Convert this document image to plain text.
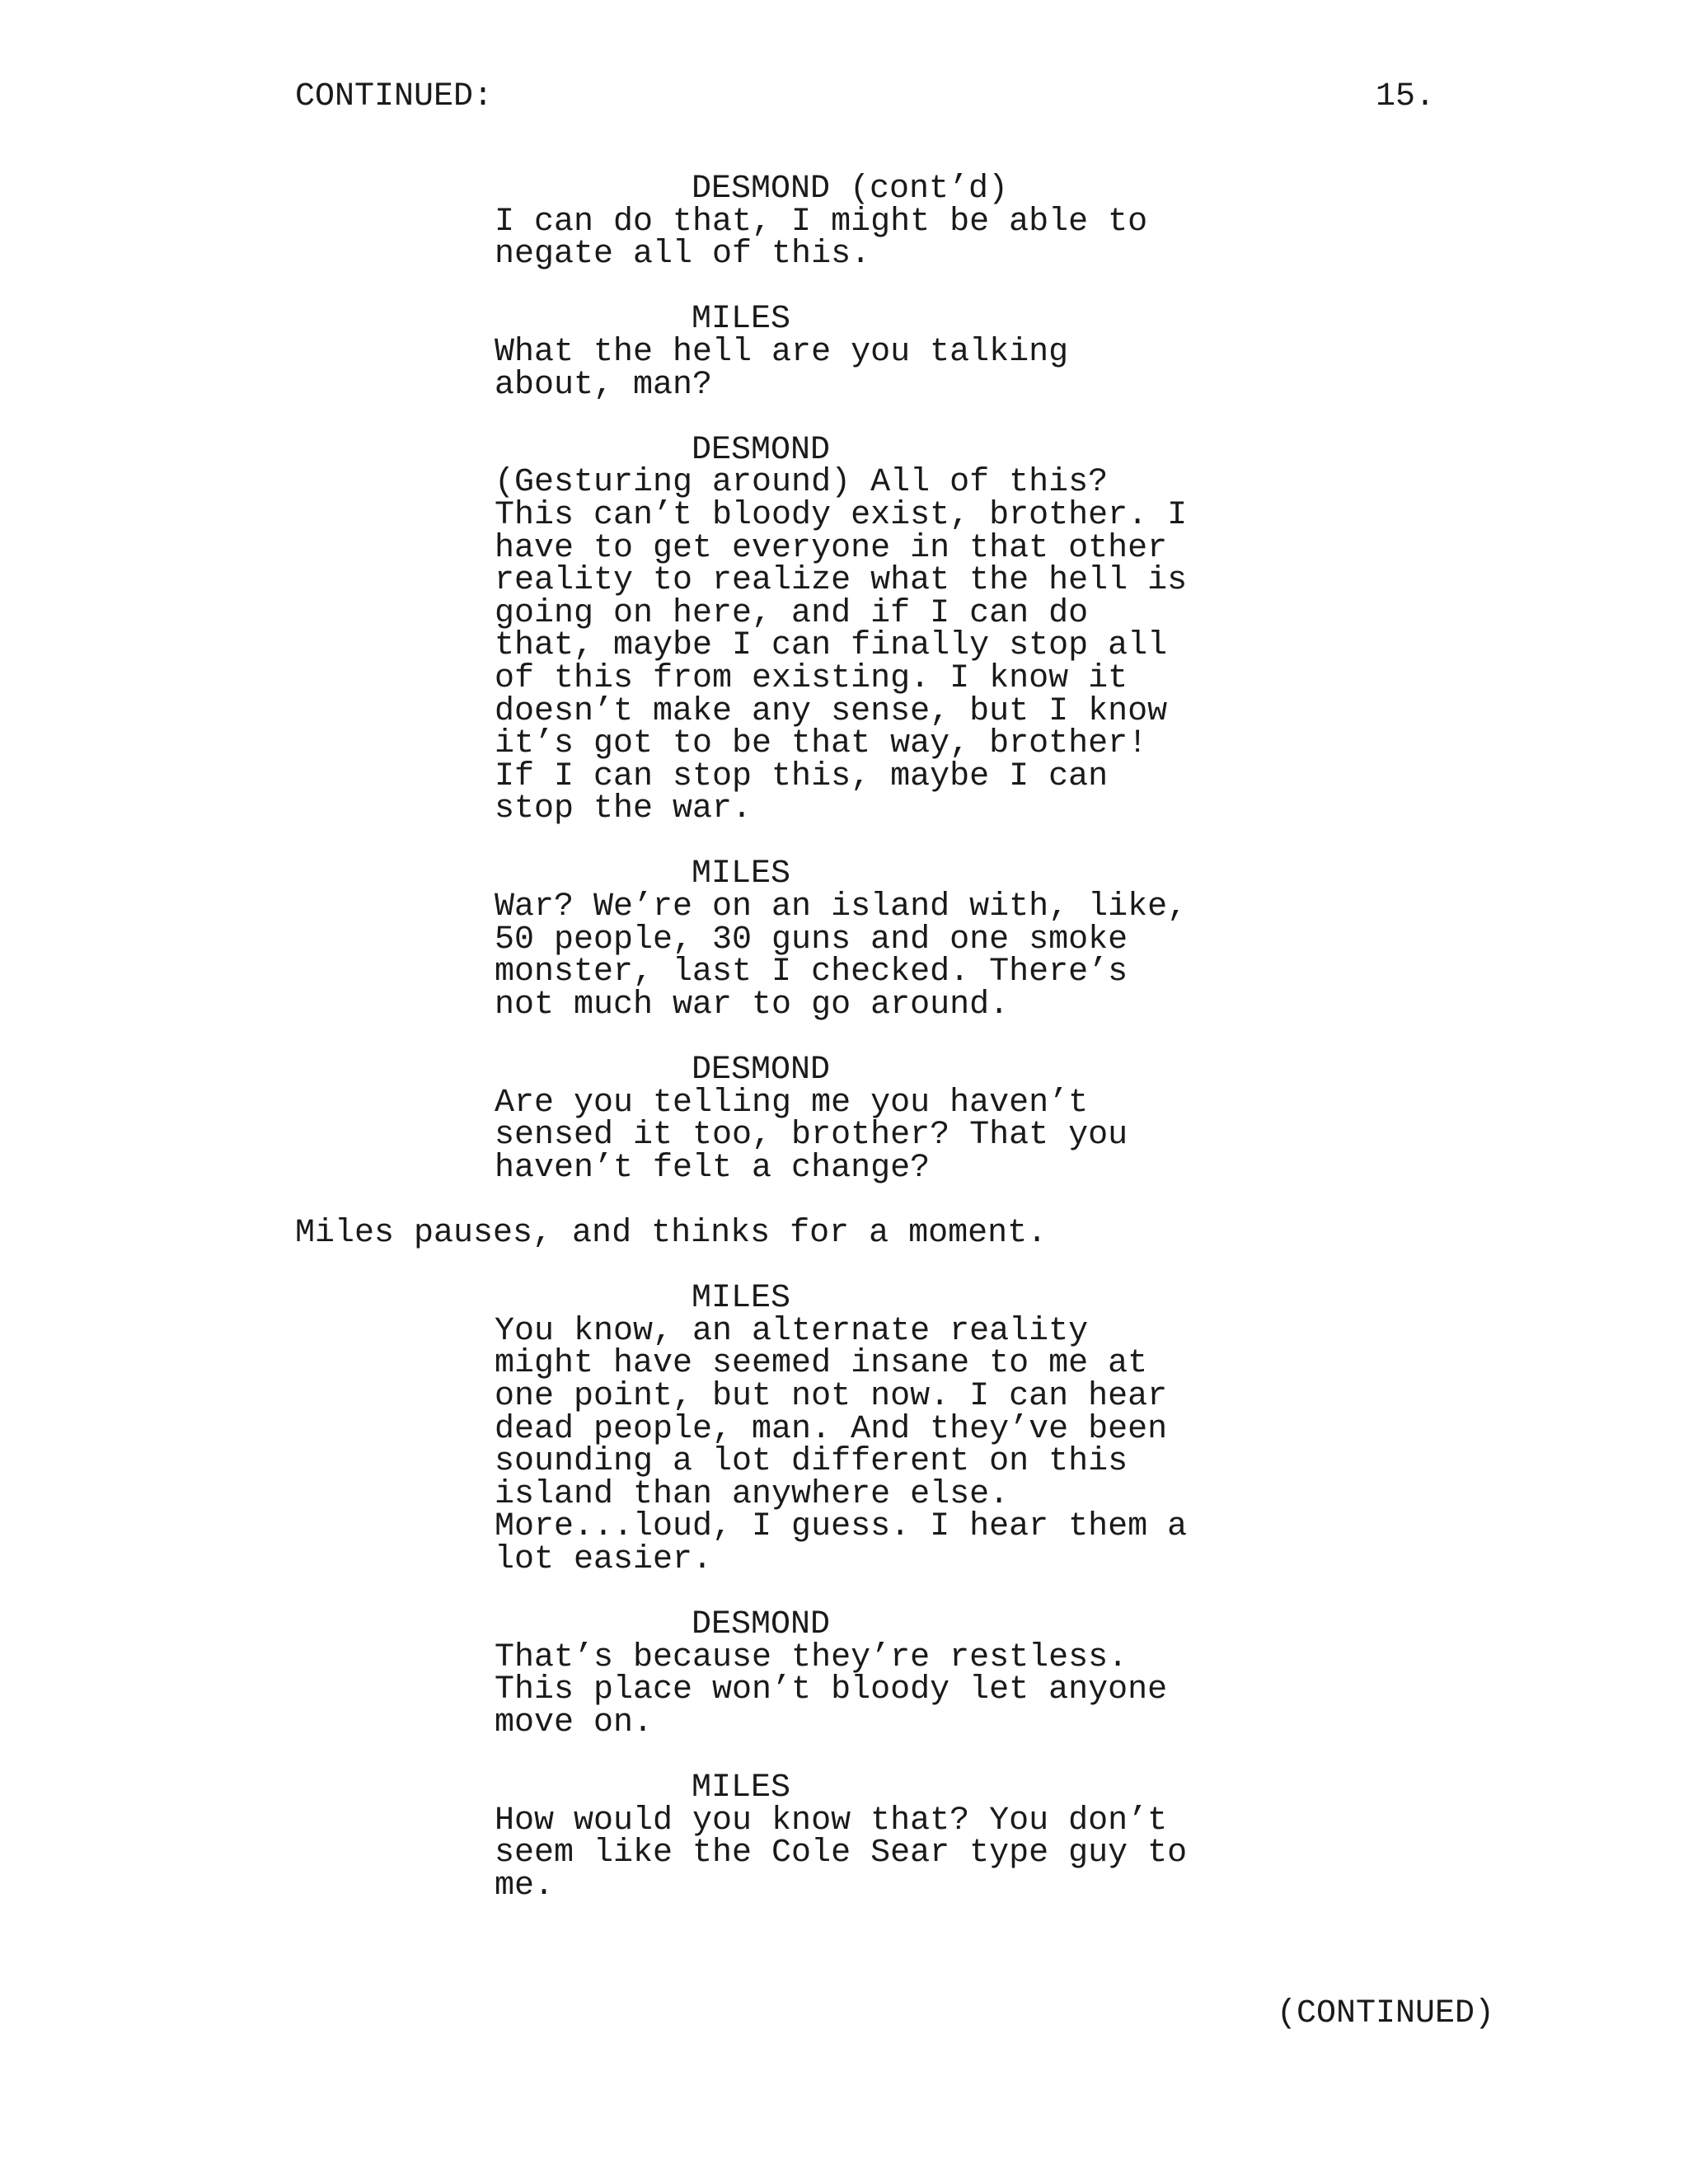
CONTINUED:	15.
DESMOND (cont’d)
I can do that, I might be able to
negate all of this.
MILES
What the hell are you talking
about, man?
DESMOND
(Gesturing around) All of this?
This can’t bloody exist, brother. I
have to get everyone in that other
reality to realize what the hell is
going on here, and if I can do
that, maybe I can finally stop all
of this from existing. I know it
doesn’t make any sense, but I know
it’s got to be that way, brother!
If I can stop this, maybe I can
stop the war.
MILES
War? We’re on an island with, like,
50 people, 30 guns and one smoke
monster, last I checked. There’s
not much war to go around.
DESMOND
Are you telling me you haven’t
sensed it too, brother? That you
haven’t felt a change?
Miles pauses, and thinks for a moment.
MILES
You know, an alternate reality
might have seemed insane to me at
one point, but not now. I can hear
dead people, man. And they’ve been
sounding a lot different on this
island than anywhere else.
More...loud, I guess. I hear them a
lot easier.
DESMOND
That’s because they’re restless.
This place won’t bloody let anyone
move on.
MILES
How would you know that? You don’t
seem like the Cole Sear type guy to
me.
(CONTINUED)
